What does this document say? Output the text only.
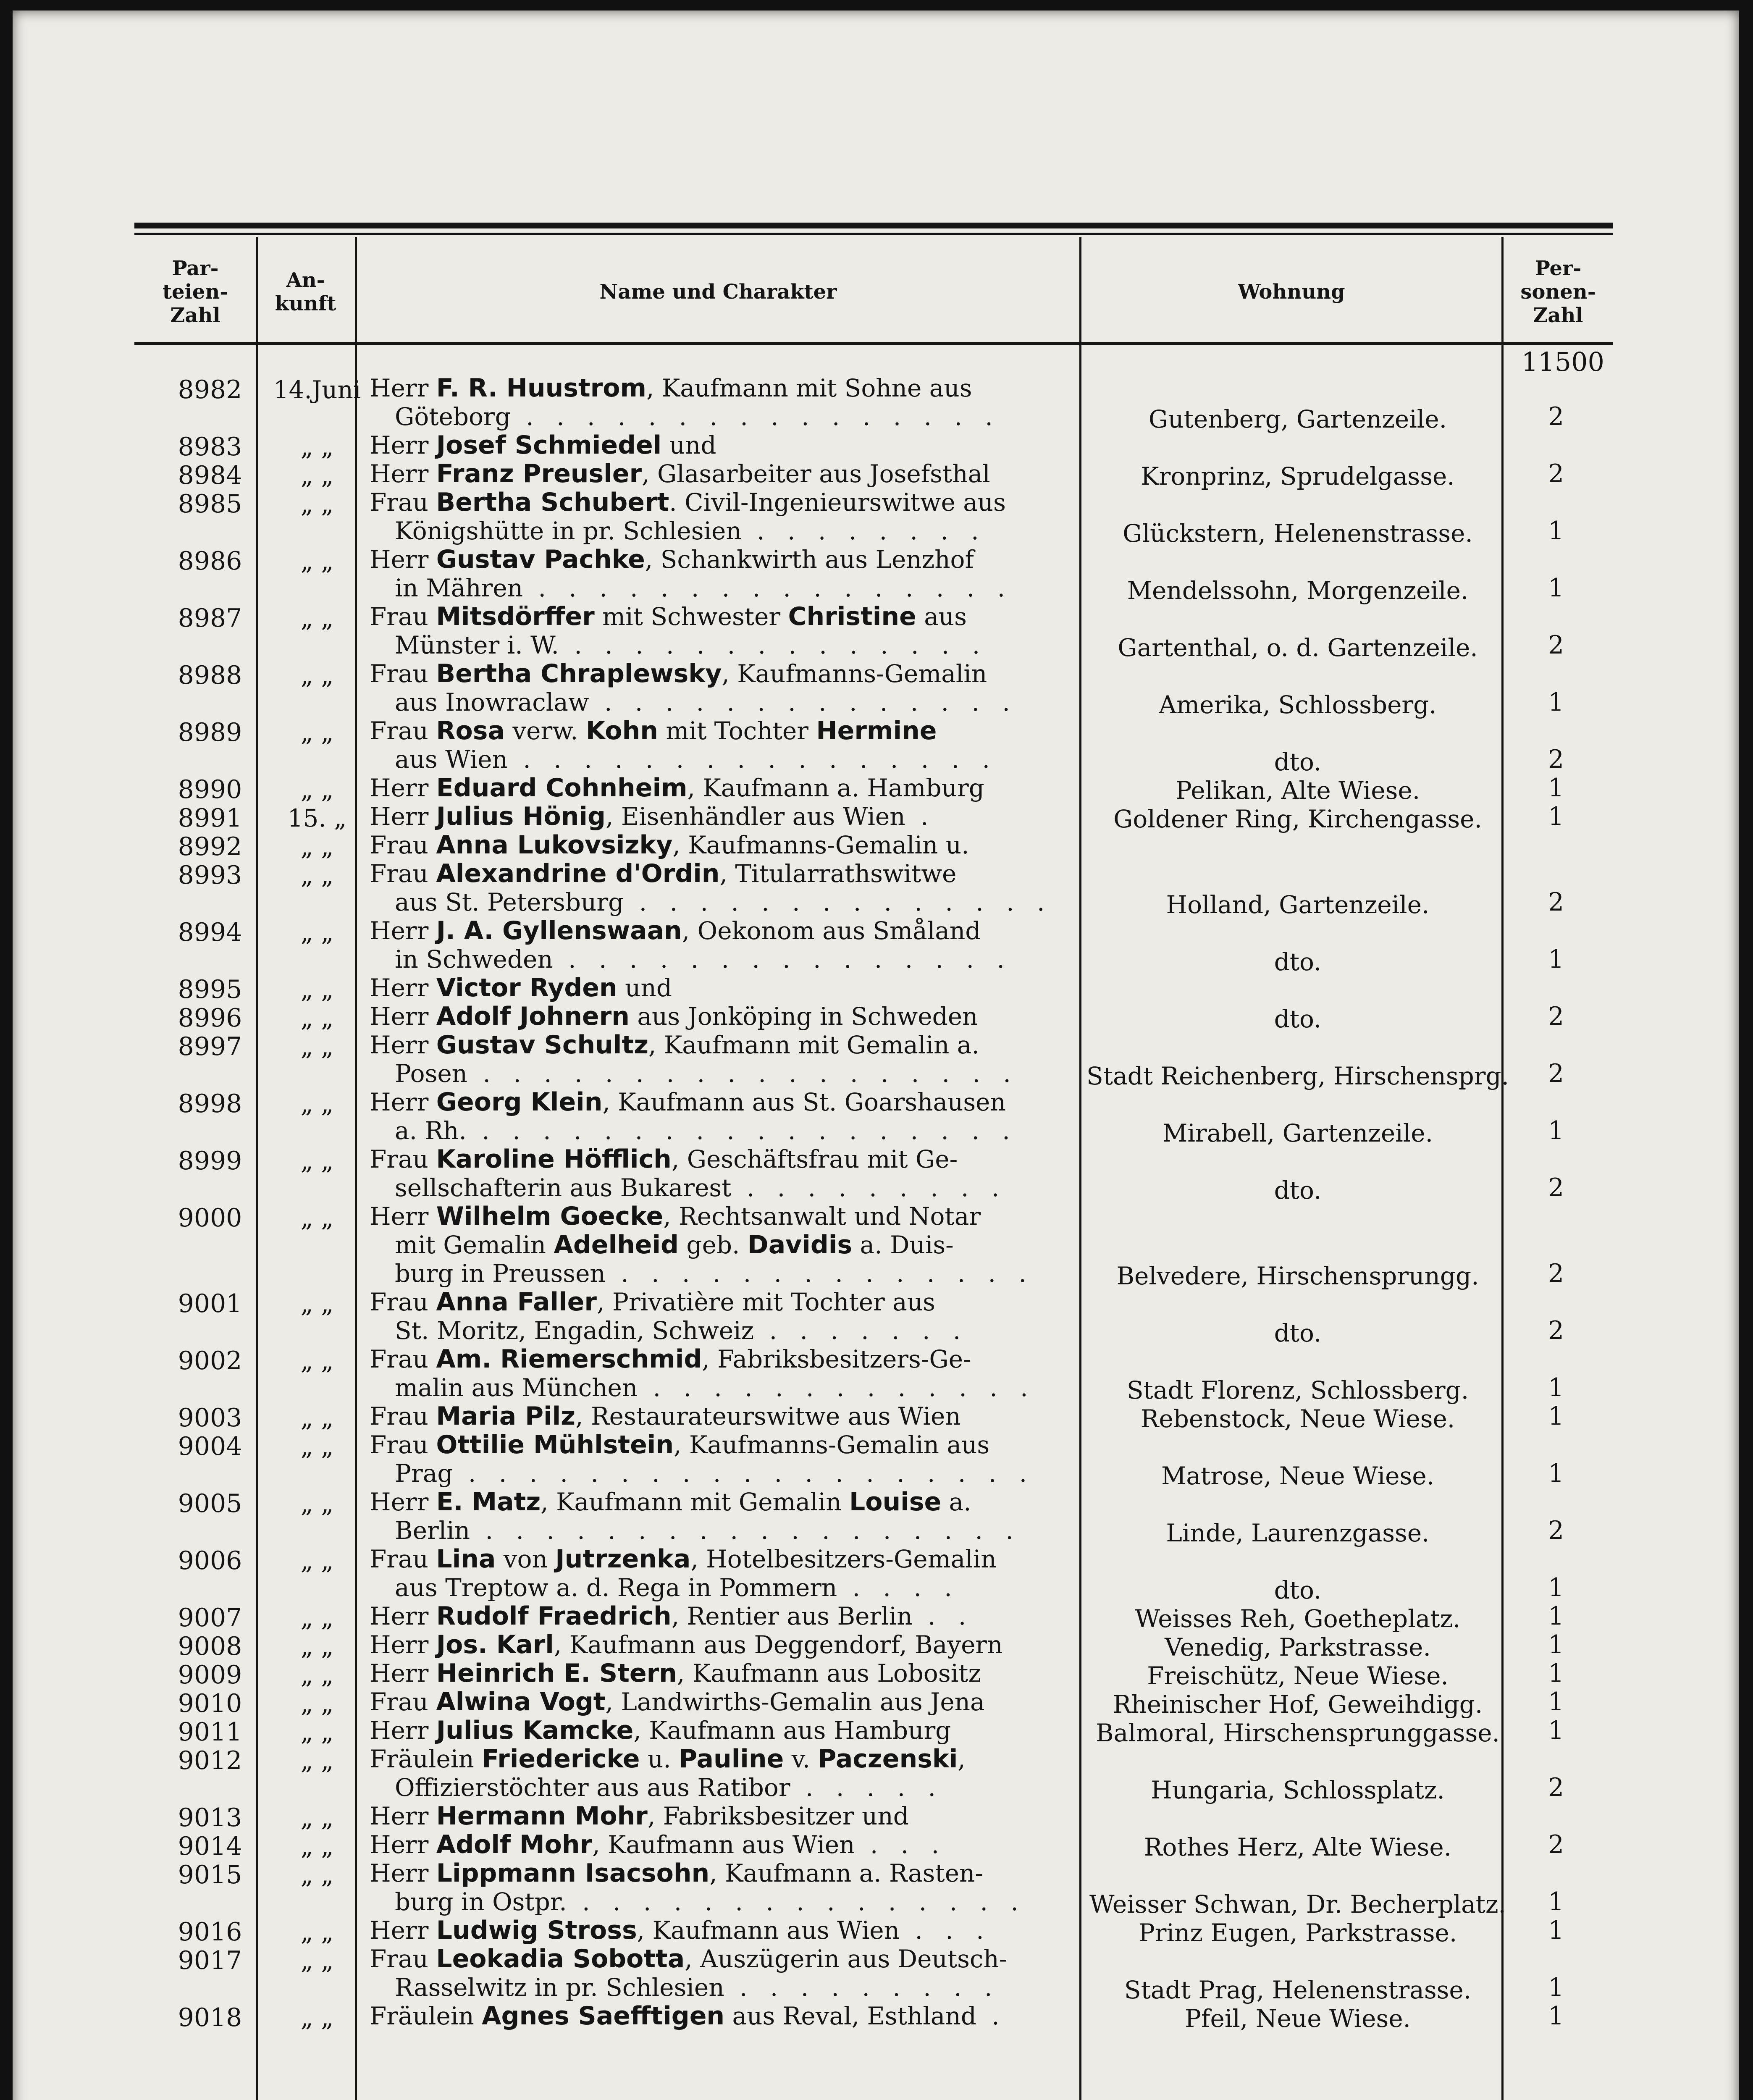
Par-
teien-
Zahl
An-
kunft	Name und Charakter	Wohnung
Per-
sonen-
Zahl
11500
8982	14.Juni Herr F. R. Huustrom, Kaufmann mit Sohne aus
Göteborg . . . . . . . . . . . . . . . .	Gutenberg, Gartenzeile.	2
8983	„ „	Herr Josef Schmiedel und
8984	„ „	Herr Franz Preusler, Glasarbeiter aus Josefsthal	Kronprinz, Sprudelgasse.	2
8985	„ „	Frau Bertha Schubert. Civil-Ingenieurswitwe aus
Königshütte in pr. Schlesien . . . . . . . .	Glückstern, Helenenstrasse.	1
8986	„ „	Herr Gustav Pachke, Schankwirth aus Lenzhof
in Mähren . . . . . . . . . . . . . . . .	Mendelssohn, Morgenzeile.	1
8987	„ „	Frau Mitsdörffer mit Schwester Christine aus
Münster i. W. . . . . . . . . . . . . . .	Gartenthal, o. d. Gartenzeile.	2
8988	„ „	Frau Bertha Chraplewsky, Kaufmanns-Gemalin
aus Inowraclaw . . . . . . . . . . . . . .	Amerika, Schlossberg.	1
8989	„ „	Frau Rosa verw. Kohn mit Tochter Hermine
aus Wien . . . . . . . . . . . . . . . .	dto.	2
8990	„ „	Herr Eduard Cohnheim, Kaufmann a. Hamburg	Pelikan, Alte Wiese.	1
8991	15. „ Herr Julius Hönig, Eisenhändler aus Wien .	Goldener Ring, Kirchengasse.	1
8992	„ „	Frau Anna Lukovsizky, Kaufmanns-Gemalin u.
8993	„ „	Frau Alexandrine d'Ordin, Titularrathswitwe
aus St. Petersburg . . . . . . . . . . . . . .	Holland, Gartenzeile.	2
8994	„ „	Herr J. A. Gyllenswaan, Oekonom aus Småland
in Schweden . . . . . . . . . . . . . . .	dto.	1
8995	„ „	Herr Victor Ryden und
8996	„ „	Herr Adolf Johnern aus Jonköping in Schweden	dto.	2
8997	„ „	Herr Gustav Schultz, Kaufmann mit Gemalin a.
Posen . . . . . . . . . . . . . . . . . .	Stadt Reichenberg, Hirschensprg.	2
8998	„ „	Herr Georg Klein, Kaufmann aus St. Goarshausen
a. Rh. . . . . . . . . . . . . . . . . . .	Mirabell, Gartenzeile.	1
8999	„ „	Frau Karoline Höfflich, Geschäftsfrau mit Ge-
sellschafterin aus Bukarest . . . . . . . . .	dto.	2
9000	„ „	Herr Wilhelm Goecke, Rechtsanwalt und Notar
mit Gemalin Adelheid geb. Davidis a. Duis-
burg in Preussen . . . . . . . . . . . . . .	Belvedere, Hirschensprungg.	2
9001	„ „	Frau Anna Faller, Privatière mit Tochter aus
St. Moritz, Engadin, Schweiz . . . . . . .	dto.	2
9002	„ „	Frau Am. Riemerschmid, Fabriksbesitzers-Ge-
malin aus München . . . . . . . . . . . . .	Stadt Florenz, Schlossberg.	1
9003	„ „	Frau Maria Pilz, Restaurateurswitwe aus Wien	Rebenstock, Neue Wiese.	1
9004	„ „	Frau Ottilie Mühlstein, Kaufmanns-Gemalin aus
Prag . . . . . . . . . . . . . . . . . . .	Matrose, Neue Wiese.	1
9005	„ „	Herr E. Matz, Kaufmann mit Gemalin Louise a.
Berlin . . . . . . . . . . . . . . . . . .	Linde, Laurenzgasse.	2
9006	„ „	Frau Lina von Jutrzenka, Hotelbesitzers-Gemalin
aus Treptow a. d. Rega in Pommern . . . .	dto.	1
9007	„ „	Herr Rudolf Fraedrich, Rentier aus Berlin . .	Weisses Reh, Goetheplatz.	1
9008	„ „	Herr Jos. Karl, Kaufmann aus Deggendorf, Bayern	Venedig, Parkstrasse.	1
9009	„ „	Herr Heinrich E. Stern, Kaufmann aus Lobositz	Freischütz, Neue Wiese.	1
9010	„ „	Frau Alwina Vogt, Landwirths-Gemalin aus Jena	Rheinischer Hof, Geweihdigg.	1
9011	„ „	Herr Julius Kamcke, Kaufmann aus Hamburg	Balmoral, Hirschensprunggasse.	1
9012	„ „	Fräulein Friedericke u. Pauline v. Paczenski,
Offizierstöchter aus aus Ratibor . . . . .	Hungaria, Schlossplatz.	2
9013	„ „	Herr Hermann Mohr, Fabriksbesitzer und
9014	„ „	Herr Adolf Mohr, Kaufmann aus Wien . . .	Rothes Herz, Alte Wiese.	2
9015	„ „	Herr Lippmann Isacsohn, Kaufmann a. Rasten-
burg in Ostpr. . . . . . . . . . . . . . . .	Weisser Schwan, Dr. Becherplatz.	1
9016	„ „	Herr Ludwig Stross, Kaufmann aus Wien . . .	Prinz Eugen, Parkstrasse.	1
9017	„ „	Frau Leokadia Sobotta, Auszügerin aus Deutsch-
Rasselwitz in pr. Schlesien . . . . . . . . .	Stadt Prag, Helenenstrasse.	1
9018	„ „	Fräulein Agnes Saefftigen aus Reval, Esthland .	Pfeil, Neue Wiese.	1
